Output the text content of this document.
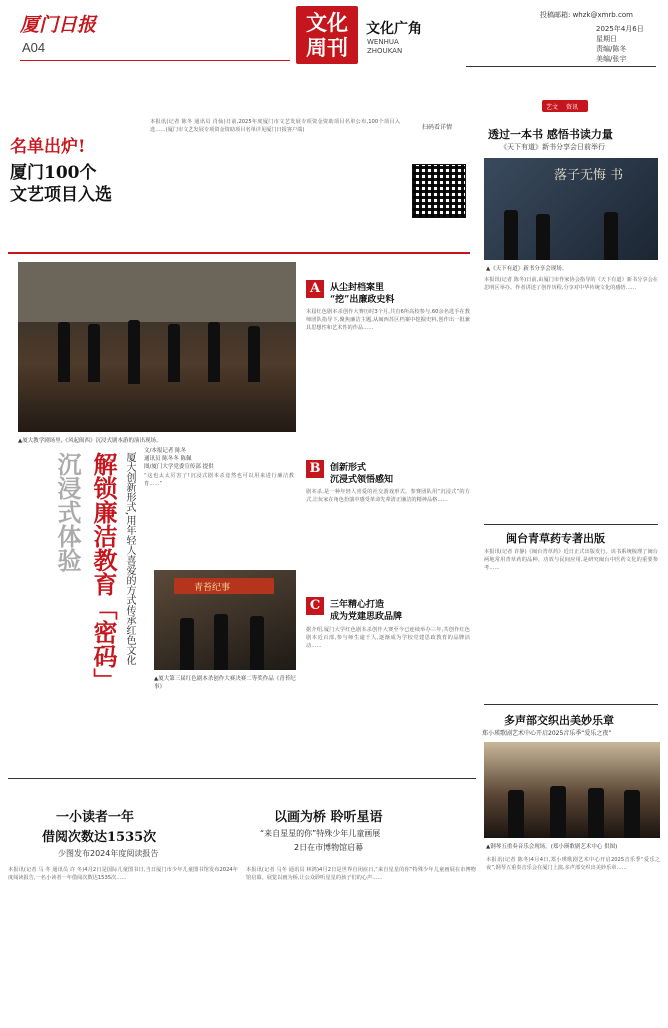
厦门日报
A04
文化周刊
文化广角
WENHUA
ZHOUKAN
投稿邮箱: whzk@xmrb.com
2025年4月6日
星期日
责编/陈冬
美编/张宇
名单出炉!
厦门100个
文艺项目入选
本报讯(记者 陈冬 通讯员 肖仙)日前,2025年度厦门市文艺发展专项资金资助项目名单公布,100个项目入选……(厦门市文艺发展专项资金资助项目名单详见厦门日报客户端)	扫码看详情
▲厦大教学剧场里,《风起闽西》沉浸式剧本游的演出现场。
解锁廉洁教育「密码」
沉浸式体验	厦大创新形式,用年轻人喜爱的方式传承红色文化
文/本报记者 陈冬
通讯员 陈冬冬 陈佩
图/厦门大学党委宣传部 提供
“这也太太厉害了!沉浸式剧本杀竟然也可以用来进行廉洁教育……”
青苔纪事
▲厦大第三届红色剧本杀创作大赛决赛二等奖作品《青苔纪事》
A	从尘封档案里
“挖”出廉政史料
本届红色剧本杀创作大赛历时3个月,共有6所高校参与,60余名选手在教师团队指导下,聚焦廉洁主题,从闽西苏区档案中挖掘史料,创作出一批兼具思想性和艺术性的作品……
B	创新形式
沉浸式领悟感知
剧本杀,是一种年轻人喜爱的社交游戏形式。参赛团队用“沉浸式”的方式,让玩家在角色扮演中感受革命先辈清正廉洁的精神品格……
C	三年精心打造
成为党建思政品牌
据介绍,厦门大学红色剧本杀创作大赛至今已连续举办三年,共创作红色剧本近百部,参与师生逾千人,逐渐成为学校党建思政教育的品牌活动……
艺文 资讯
透过一本书 感悟书读力量
《天下有道》新书分享会日前举行
落子无悔 书
▲《天下有道》新书分享会现场。
本报讯(记者 陈冬)日前,由厦门市作家协会指导的《天下有道》新书分享会在思明区举办。作者讲述了创作历程,分享对中华传统文化的感悟……
闽台青草药专著出版
本报讯(记者 许静)《闽台青草药》近日正式出版发行。该书系统梳理了闽台两地常用青草药的品种、功效与民间应用,是研究闽台中医药文化的重要参考……
多声部交织出美妙乐章
郑小瑛歌剧艺术中心开启2025音乐季“爱乐之夜”
▲钢琴五重奏音乐会现场。(郑小瑛歌剧艺术中心 供图)
本报讯(记者 陈冬)4月4日,郑小瑛歌剧艺术中心开启2025音乐季“爱乐之夜”,钢琴五重奏音乐会在厦门上演,多声部交织出美妙乐章……
一小读者一年
借阅次数达1535次
少图发布2024年度阅读报告
本报讯(记者 马 冬 通讯员 许 冬)4月2日是国际儿童图书日,当日厦门市少年儿童图书馆发布2024年度阅读报告,一名小读者一年借阅次数达1535次……
以画为桥 聆听星语
“来自星星的你”特殊少年儿童画展
2日在市博物馆启幕
本报讯(记者 马冬 通讯员 林鸿)4月2日是世界自闭症日,“来自星星的你”特殊少年儿童画展在市博物馆启幕。展览以画为桥,让公众聆听星星的孩子们的心声……
